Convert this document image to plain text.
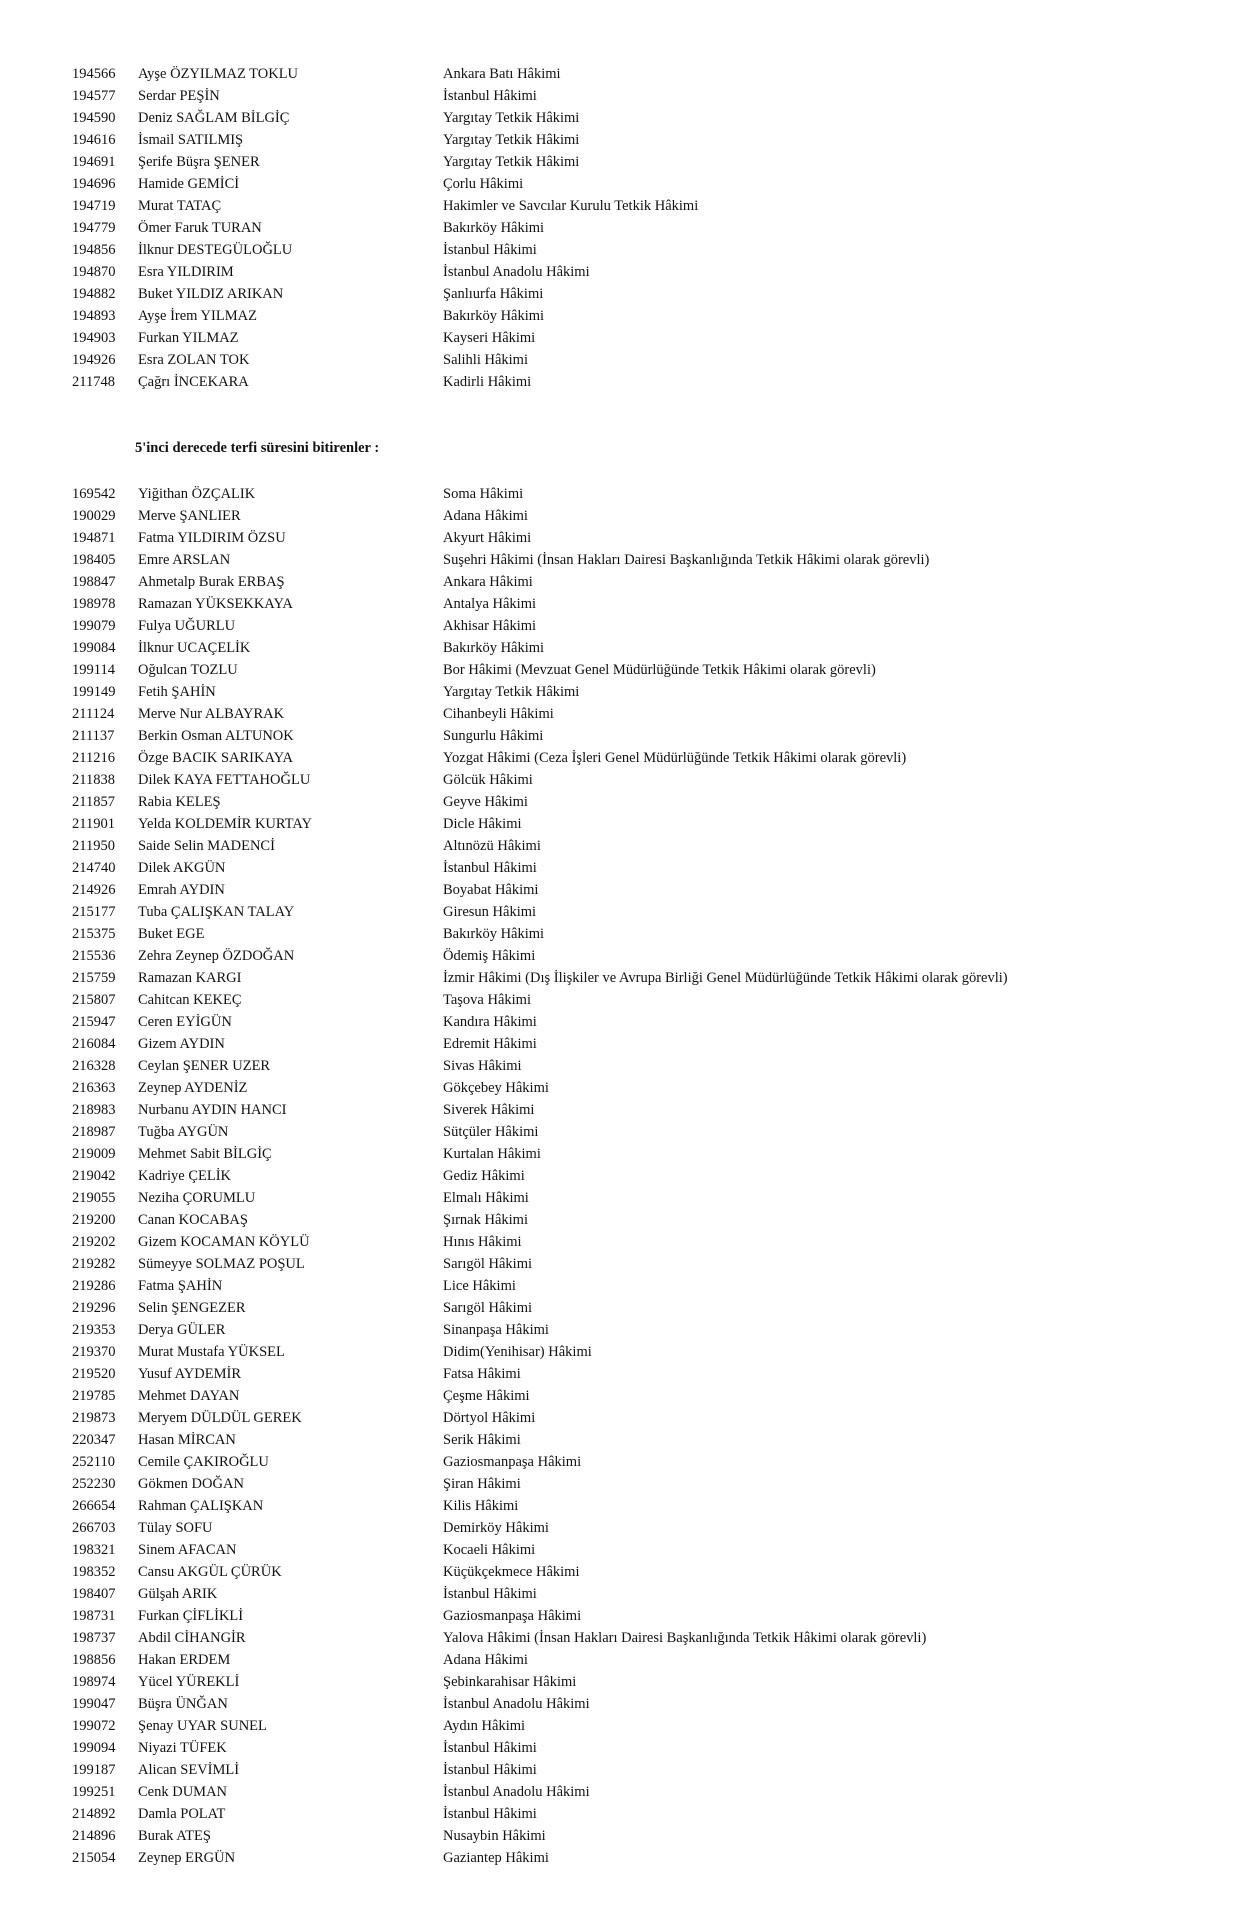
194566 Ayşe ÖZYILMAZ TOKLU	Ankara Batı Hâkimi
194577 Serdar PEŞİN	İstanbul Hâkimi
194590 Deniz SAĞLAM BİLGİÇ	Yargıtay Tetkik Hâkimi
194616 İsmail SATILMIŞ	Yargıtay Tetkik Hâkimi
194691 Şerife Büşra ŞENER	Yargıtay Tetkik Hâkimi
194696 Hamide GEMİCİ	Çorlu Hâkimi
194719 Murat TATAÇ	Hakimler ve Savcılar Kurulu Tetkik Hâkimi
194779 Ömer Faruk TURAN	Bakırköy Hâkimi
194856 İlknur DESTEGÜLOĞLU	İstanbul Hâkimi
194870 Esra YILDIRIM	İstanbul Anadolu Hâkimi
194882 Buket YILDIZ ARIKAN	Şanlıurfa Hâkimi
194893 Ayşe İrem YILMAZ	Bakırköy Hâkimi
194903 Furkan YILMAZ	Kayseri Hâkimi
194926 Esra ZOLAN TOK	Salihli Hâkimi
211748 Çağrı İNCEKARA	Kadirli Hâkimi
5'inci derecede terfi süresini bitirenler :
169542 Yiğithan ÖZÇALIK	Soma Hâkimi
190029 Merve ŞANLIER	Adana Hâkimi
194871 Fatma YILDIRIM ÖZSU	Akyurt Hâkimi
198405 Emre ARSLAN	Suşehri Hâkimi (İnsan Hakları Dairesi Başkanlığında Tetkik Hâkimi olarak görevli)
198847 Ahmetalp Burak ERBAŞ	Ankara Hâkimi
198978 Ramazan YÜKSEKKAYA	Antalya Hâkimi
199079 Fulya UĞURLU	Akhisar Hâkimi
199084 İlknur UCAÇELİK	Bakırköy Hâkimi
199114 Oğulcan TOZLU	Bor Hâkimi (Mevzuat Genel Müdürlüğünde Tetkik Hâkimi olarak görevli)
199149 Fetih ŞAHİN	Yargıtay Tetkik Hâkimi
211124 Merve Nur ALBAYRAK	Cihanbeyli Hâkimi
211137 Berkin Osman ALTUNOK	Sungurlu Hâkimi
211216 Özge BACIK SARIKAYA	Yozgat Hâkimi (Ceza İşleri Genel Müdürlüğünde Tetkik Hâkimi olarak görevli)
211838 Dilek KAYA FETTAHOĞLU	Gölcük Hâkimi
211857 Rabia KELEŞ	Geyve Hâkimi
211901 Yelda KOLDEMİR KURTAY	Dicle Hâkimi
211950 Saide Selin MADENCİ	Altınözü Hâkimi
214740 Dilek AKGÜN	İstanbul Hâkimi
214926 Emrah AYDIN	Boyabat Hâkimi
215177 Tuba ÇALIŞKAN TALAY	Giresun Hâkimi
215375 Buket EGE	Bakırköy Hâkimi
215536 Zehra Zeynep ÖZDOĞAN	Ödemiş Hâkimi
215759 Ramazan KARGI	İzmir Hâkimi (Dış İlişkiler ve Avrupa Birliği Genel Müdürlüğünde Tetkik Hâkimi olarak görevli)
215807 Cahitcan KEKEÇ	Taşova Hâkimi
215947 Ceren EYİGÜN	Kandıra Hâkimi
216084 Gizem AYDIN	Edremit Hâkimi
216328 Ceylan ŞENER UZER	Sivas Hâkimi
216363 Zeynep AYDENİZ	Gökçebey Hâkimi
218983 Nurbanu AYDIN HANCI	Siverek Hâkimi
218987 Tuğba AYGÜN	Sütçüler Hâkimi
219009 Mehmet Sabit BİLGİÇ	Kurtalan Hâkimi
219042 Kadriye ÇELİK	Gediz Hâkimi
219055 Neziha ÇORUMLU	Elmalı Hâkimi
219200 Canan KOCABAŞ	Şırnak Hâkimi
219202 Gizem KOCAMAN KÖYLÜ	Hınıs Hâkimi
219282 Sümeyye SOLMAZ POŞUL	Sarıgöl Hâkimi
219286 Fatma ŞAHİN	Lice Hâkimi
219296 Selin ŞENGEZER	Sarıgöl Hâkimi
219353 Derya GÜLER	Sinanpaşa Hâkimi
219370 Murat Mustafa YÜKSEL	Didim(Yenihisar) Hâkimi
219520 Yusuf AYDEMİR	Fatsa Hâkimi
219785 Mehmet DAYAN	Çeşme Hâkimi
219873 Meryem DÜLDÜL GEREK	Dörtyol Hâkimi
220347 Hasan MİRCAN	Serik Hâkimi
252110 Cemile ÇAKIROĞLU	Gaziosmanpaşa Hâkimi
252230 Gökmen DOĞAN	Şiran Hâkimi
266654 Rahman ÇALIŞKAN	Kilis Hâkimi
266703 Tülay SOFU	Demirköy Hâkimi
198321 Sinem AFACAN	Kocaeli Hâkimi
198352 Cansu AKGÜL ÇÜRÜK	Küçükçekmece Hâkimi
198407 Gülşah ARIK	İstanbul Hâkimi
198731 Furkan ÇİFLİKLİ	Gaziosmanpaşa Hâkimi
198737 Abdil CİHANGİR	Yalova Hâkimi (İnsan Hakları Dairesi Başkanlığında Tetkik Hâkimi olarak görevli)
198856 Hakan ERDEM	Adana Hâkimi
198974 Yücel YÜREKLİ	Şebinkarahisar Hâkimi
199047 Büşra ÜNĞAN	İstanbul Anadolu Hâkimi
199072 Şenay UYAR SUNEL	Aydın Hâkimi
199094 Niyazi TÜFEK	İstanbul Hâkimi
199187 Alican SEVİMLİ	İstanbul Hâkimi
199251 Cenk DUMAN	İstanbul Anadolu Hâkimi
214892 Damla POLAT	İstanbul Hâkimi
214896 Burak ATEŞ	Nusaybin Hâkimi
215054 Zeynep ERGÜN	Gaziantep Hâkimi
